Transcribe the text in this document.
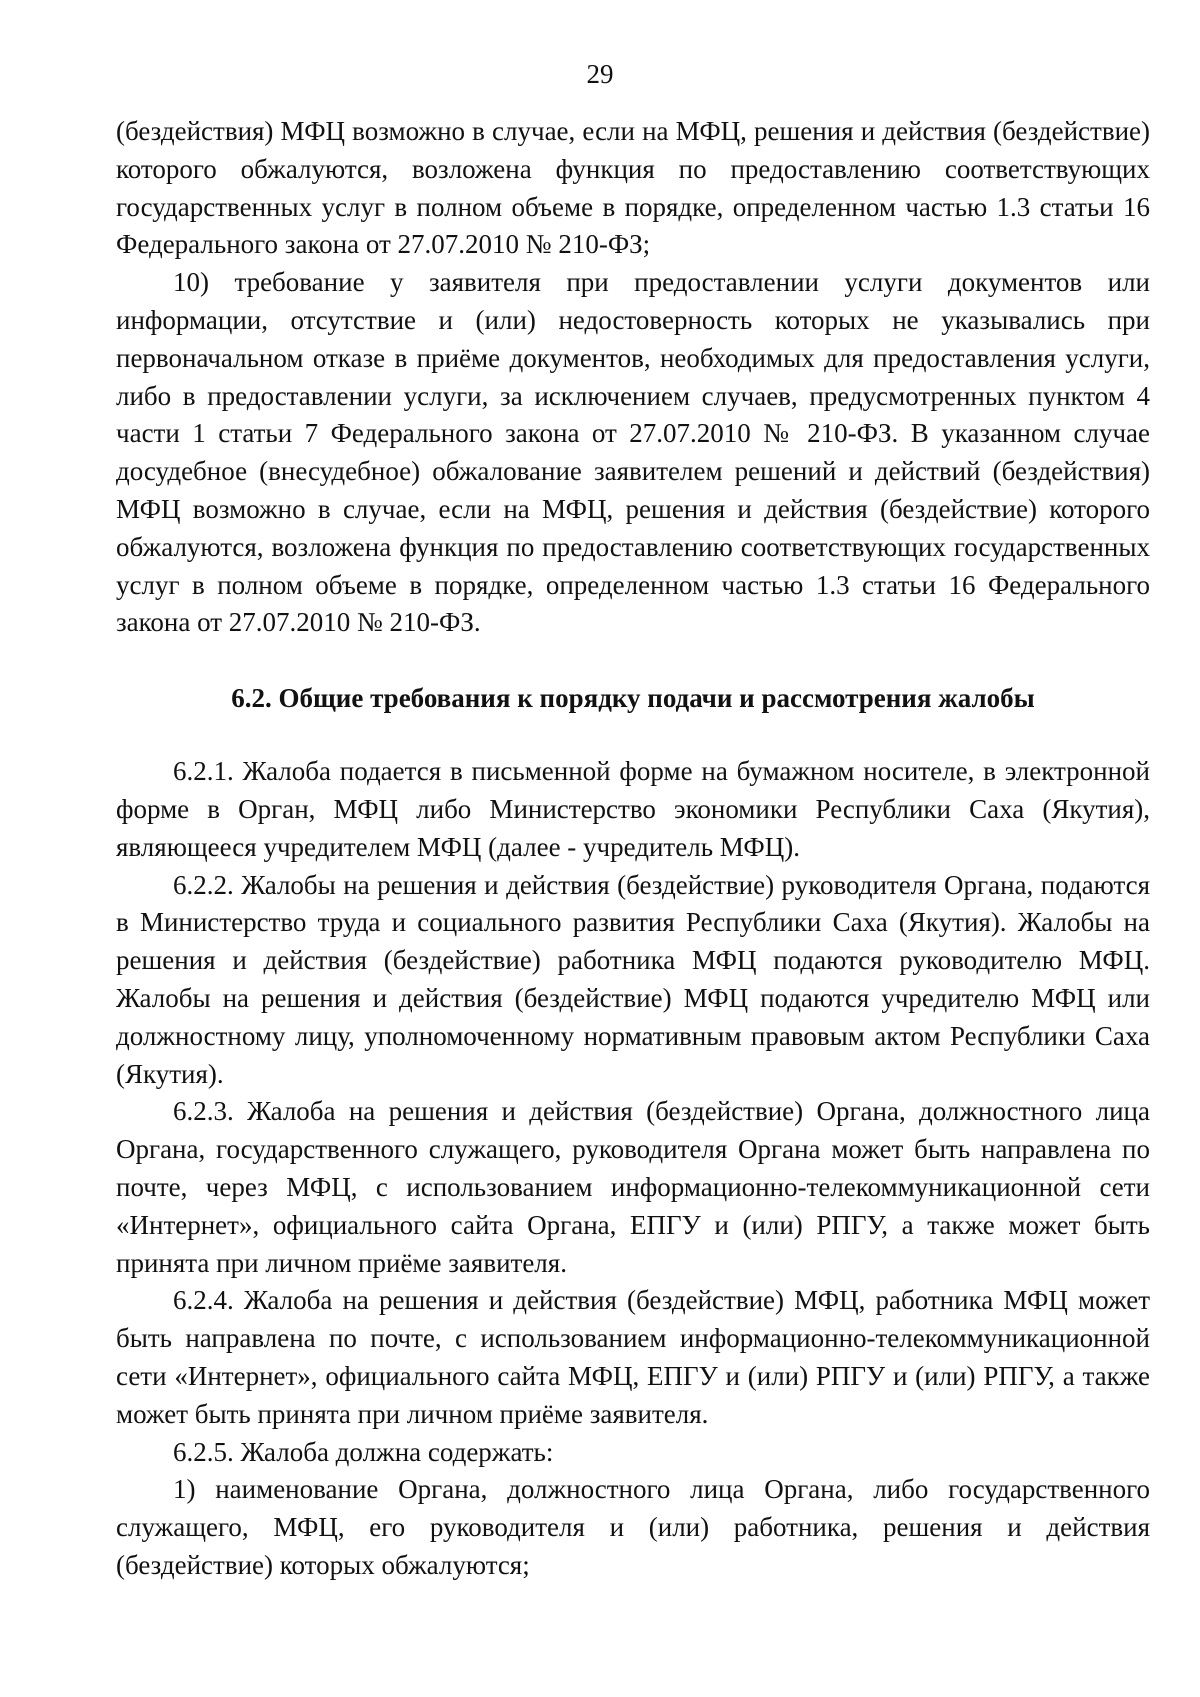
29

(бездействия) МФЦ возможно в случае, если на МФЦ, решения и действия (бездействие) которого обжалуются, возложена функция по предоставлению соответствующих государственных услуг в полном объеме в порядке, определенном частью 1.3 статьи 16 Федерального закона от 27.07.2010 № 210-ФЗ;

10) требование у заявителя при предоставлении услуги документов или информации, отсутствие и (или) недостоверность которых не указывались при первоначальном отказе в приёме документов, необходимых для предоставления услуги, либо в предоставлении услуги, за исключением случаев, предусмотренных пунктом 4 части 1 статьи 7 Федерального закона от 27.07.2010 № 210-ФЗ. В указанном случае досудебное (внесудебное) обжалование заявителем решений и действий (бездействия) МФЦ возможно в случае, если на МФЦ, решения и действия (бездействие) которого обжалуются, возложена функция по предоставлению соответствующих государственных услуг в полном объеме в порядке, определенном частью 1.3 статьи 16 Федерального закона от 27.07.2010 № 210-ФЗ.

6.2. Общие требования к порядку подачи и рассмотрения жалобы

6.2.1. Жалоба подается в письменной форме на бумажном носителе, в электронной форме в Орган, МФЦ либо Министерство экономики Республики Саха (Якутия), являющееся учредителем МФЦ (далее - учредитель МФЦ).

6.2.2. Жалобы на решения и действия (бездействие) руководителя Органа, подаются в Министерство труда и социального развития Республики Саха (Якутия). Жалобы на решения и действия (бездействие) работника МФЦ подаются руководителю МФЦ. Жалобы на решения и действия (бездействие) МФЦ подаются учредителю МФЦ или должностному лицу, уполномоченному нормативным правовым актом Республики Саха (Якутия).

6.2.3. Жалоба на решения и действия (бездействие) Органа, должностного лица Органа, государственного служащего, руководителя Органа может быть направлена по почте, через МФЦ, с использованием информационно-телекоммуникационной сети «Интернет», официального сайта Органа, ЕПГУ и (или) РПГУ, а также может быть принята при личном приёме заявителя.

6.2.4. Жалоба на решения и действия (бездействие) МФЦ, работника МФЦ может быть направлена по почте, с использованием информационно-телекоммуникационной сети «Интернет», официального сайта МФЦ, ЕПГУ и (или) РПГУ и (или) РПГУ, а также может быть принята при личном приёме заявителя.

6.2.5. Жалоба должна содержать:

1) наименование Органа, должностного лица Органа, либо государственного служащего, МФЦ, его руководителя и (или) работника, решения и действия (бездействие) которых обжалуются;
